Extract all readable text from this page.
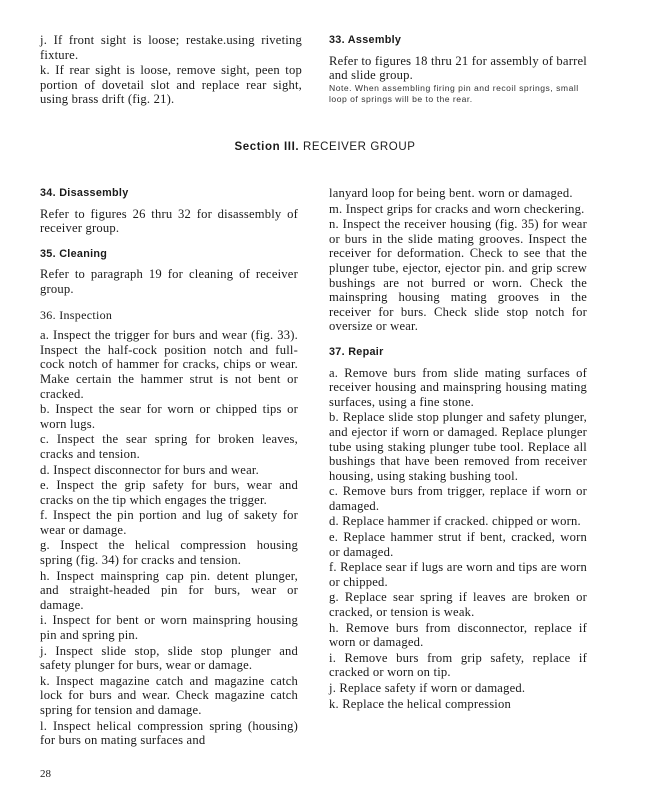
j. If front sight is loose; restake.using riveting fixture.

k. If rear sight is loose, remove sight, peen top portion of dovetail slot and replace rear sight, using brass drift (fig. 21).

33. Assembly

Refer to figures 18 thru 21 for assembly of barrel and slide group.

Note. When assembling firing pin and recoil springs, small loop of springs will be to the rear.

Section III. RECEIVER GROUP

34. Disassembly

Refer to figures 26 thru 32 for disassembly of receiver group.

35. Cleaning

Refer to paragraph 19 for cleaning of receiver group.

36. Inspection

a. Inspect the trigger for burs and wear (fig. 33). Inspect the half-cock position notch and full-cock notch of hammer for cracks, chips or wear. Make certain the hammer strut is not bent or cracked.

b. Inspect the sear for worn or chipped tips or worn lugs.

c. Inspect the sear spring for broken leaves, cracks and tension.

d. Inspect disconnector for burs and wear.

e. Inspect the grip safety for burs, wear and cracks on the tip which engages the trigger.

f. Inspect the pin portion and lug of sakety for wear or damage.

g. Inspect the helical compression housing spring (fig. 34) for cracks and tension.

h. Inspect mainspring cap pin. detent plunger, and straight-headed pin for burs, wear or damage.

i. Inspect for bent or worn mainspring housing pin and spring pin.

j. Inspect slide stop, slide stop plunger and safety plunger for burs, wear or damage.

k. Inspect magazine catch and magazine catch lock for burs and wear. Check magazine catch spring for tension and damage.

l. Inspect helical compression spring (housing) for burs on mating surfaces and

lanyard loop for being bent. worn or damaged.

m. Inspect grips for cracks and worn checkering.

n. Inspect the receiver housing (fig. 35) for wear or burs in the slide mating grooves. Inspect the receiver for deformation. Check to see that the plunger tube, ejector, ejector pin. and grip screw bushings are not burred or worn. Check the mainspring housing mating grooves in the receiver for burs. Check slide stop notch for oversize or wear.

37. Repair

a. Remove burs from slide mating surfaces of receiver housing and mainspring housing mating surfaces, using a fine stone.

b. Replace slide stop plunger and safety plunger, and ejector if worn or damaged. Replace plunger tube using staking plunger tube tool. Replace all bushings that have been removed from receiver housing, using staking bushing tool.

c. Remove burs from trigger, replace if worn or damaged.

d. Replace hammer if cracked. chipped or worn.

e. Replace hammer strut if bent, cracked, worn or damaged.

f. Replace sear if lugs are worn and tips are worn or chipped.

g. Replace sear spring if leaves are broken or cracked, or tension is weak.

h. Remove burs from disconnector, replace if worn or damaged.

i. Remove burs from grip safety, replace if cracked or worn on tip.

j. Replace safety if worn or damaged.

k. Replace the helical compression

28
